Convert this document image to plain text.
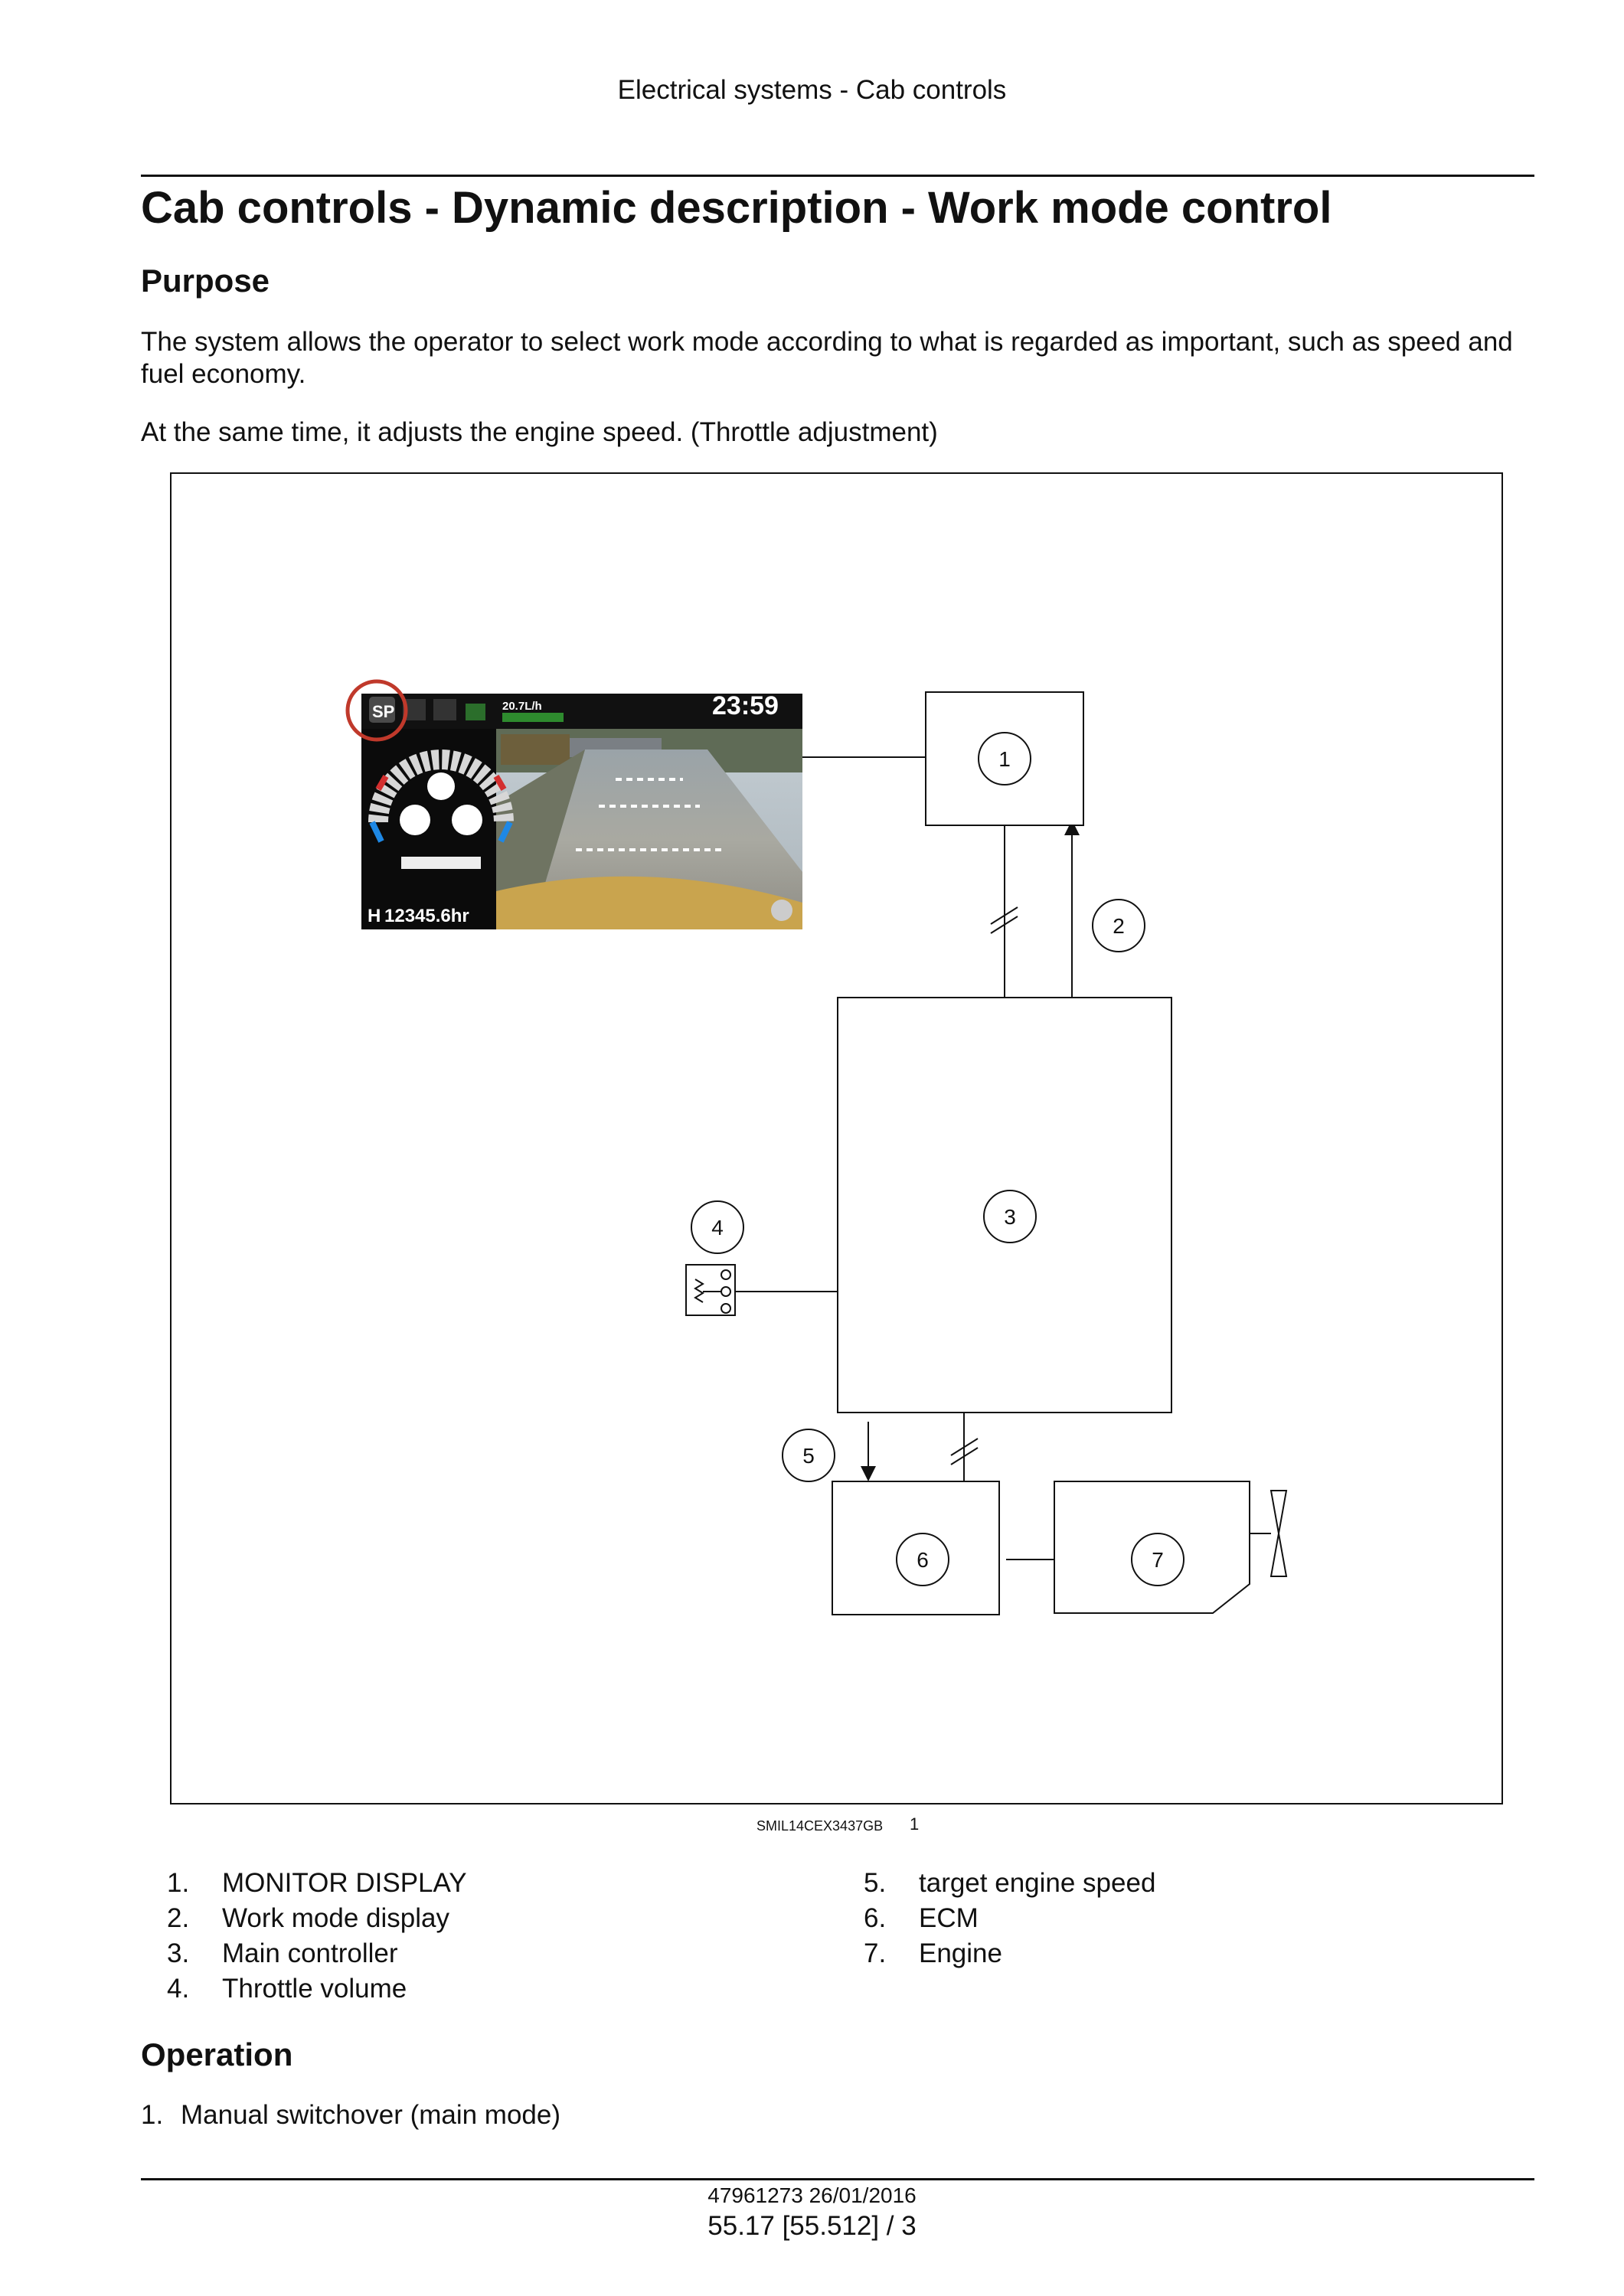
Electrical systems - Cab controls
Cab controls - Dynamic description - Work mode control
Purpose

The system allows the operator to select work mode according to what is regarded as important, such as speed and fuel economy.

At the same time, it adjusts the engine speed. (Throttle adjustment)

SP	20.7L/h	23:59
H 12345.6hr
1
2
3
4
5
6	7
SMIL14CEX3437GB 1
1.	MONITOR DISPLAY
2.	Work mode display
3.	Main controller
4.	Throttle volume
5.	target engine speed
6.	ECM
7.	Engine
Operation
1. Manual switchover (main mode)
47961273 26/01/2016
55.17 [55.512] / 3
